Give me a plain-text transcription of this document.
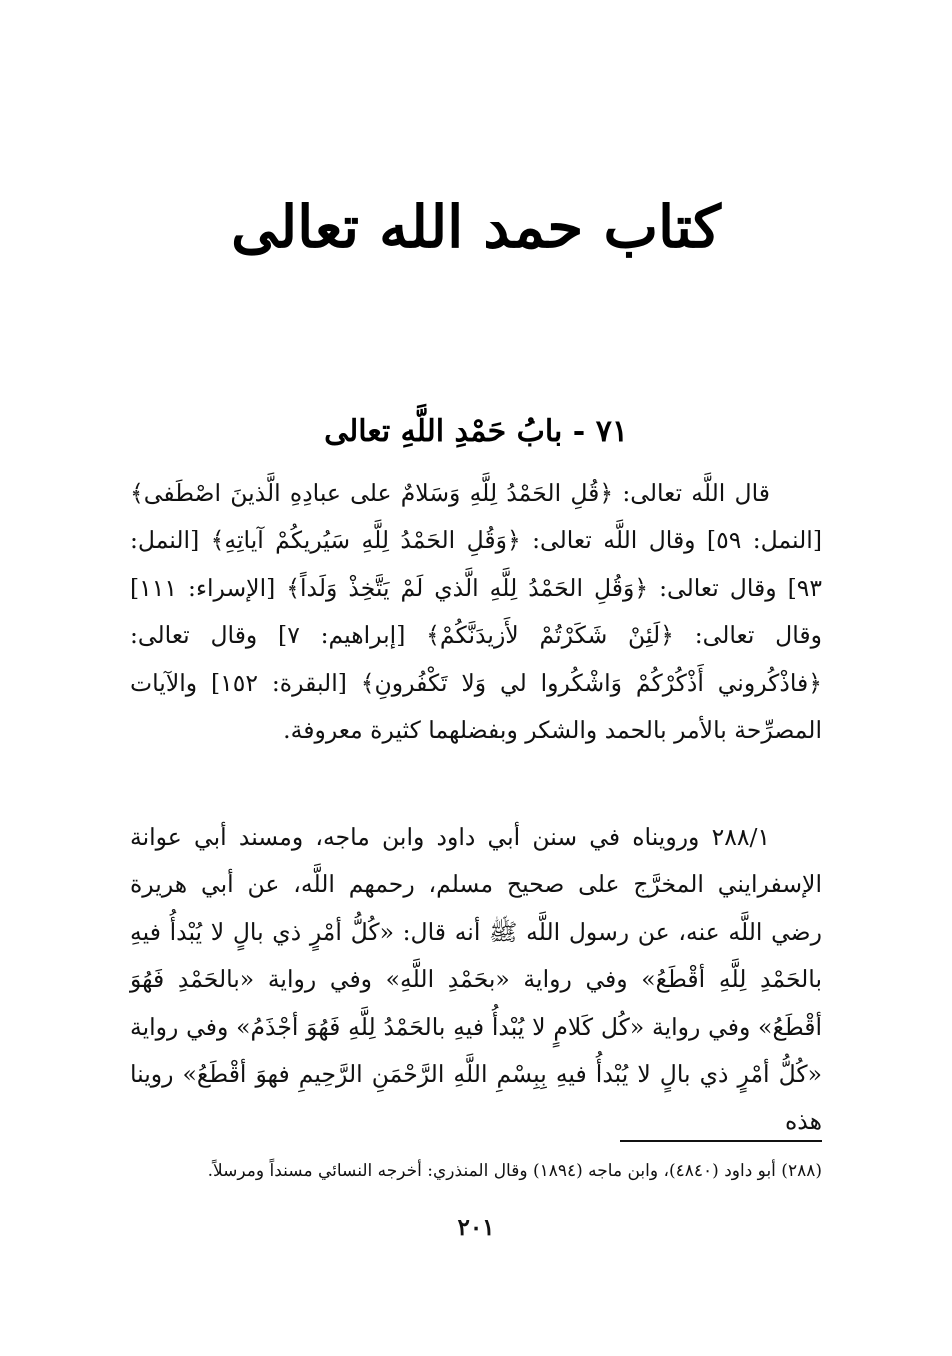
كتاب حمد الله تعالى
٧١ - بابُ حَمْدِ اللَّهِ تعالى

قال اللَّه تعالى: ﴿قُلِ الحَمْدُ لِلَّهِ وَسَلامٌ على عبادِهِ الَّذينَ اصْطَفى﴾ [النمل: ٥٩] وقال اللَّه تعالى: ﴿وَقُلِ الحَمْدُ لِلَّهِ سَيُريكُمْ آياتِهِ﴾ [النمل: ٩٣] وقال تعالى: ﴿وَقُلِ الحَمْدُ لِلَّهِ الَّذي لَمْ يَتَّخِذْ وَلَداً﴾ [الإسراء: ١١١] وقال تعالى: ﴿لَئِنْ شَكَرْتُمْ لأَزيدَنَّكُمْ﴾ [إبراهيم: ٧] وقال تعالى: ﴿فاذْكُروني أَذْكُرْكُمْ وَاشْكُروا لي وَلا تَكْفُرونِ﴾ [البقرة: ١٥٢] والآيات المصرِّحة بالأمر بالحمد والشكر وبفضلهما كثيرة معروفة.

٢٨٨/١ ورويناه في سنن أبي داود وابن ماجه، ومسند أبي عوانة الإسفرايني المخرَّج على صحيح مسلم، رحمهم اللَّه، عن أبي هريرة رضي اللَّه عنه، عن رسول اللَّه ﷺ أنه قال: «كُلُّ أمْرٍ ذي بالٍ لا يُبْدأُ فيهِ بالحَمْدِ لِلَّهِ أقْطَعُ» وفي رواية «بحَمْدِ اللَّهِ» وفي رواية «بالحَمْدِ فَهُوَ أقْطَعُ» وفي رواية «كُل كَلامٍ لا يُبْدأُ فيهِ بالحَمْدُ لِلَّهِ فَهُوَ أجْذَمُ» وفي رواية «كُلُّ أمْرٍ ذي بالٍ لا يُبْدأُ فيهِ بِبِسْمِ اللَّهِ الرَّحْمَنِ الرَّحِيمِ فهوَ أقْطَعُ» روينا هذه

(٢٨٨) أبو داود (٤٨٤٠)، وابن ماجه (١٨٩٤) وقال المنذري: أخرجه النسائي مسنداً ومرسلاً.
٢٠١
